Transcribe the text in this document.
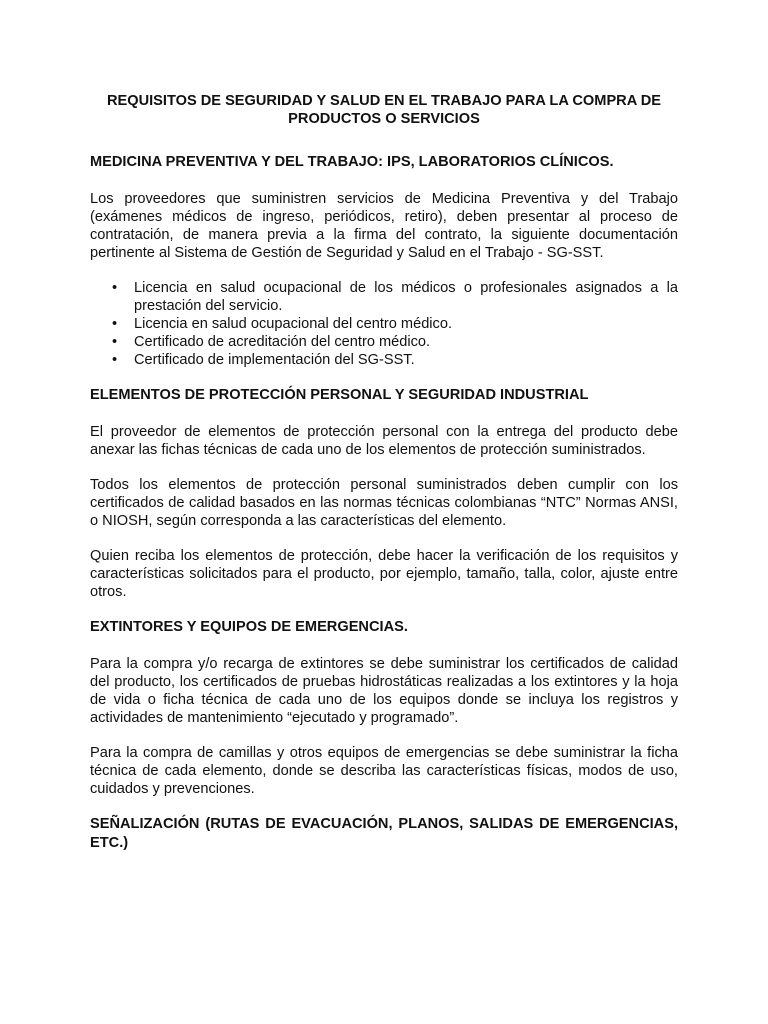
REQUISITOS DE SEGURIDAD Y SALUD EN EL TRABAJO PARA LA COMPRA DE PRODUCTOS O SERVICIOS
MEDICINA PREVENTIVA Y DEL TRABAJO: IPS, LABORATORIOS CLÍNICOS.

Los proveedores que suministren servicios de Medicina Preventiva y del Trabajo (exámenes médicos de ingreso, periódicos, retiro), deben presentar al proceso de contratación, de manera previa a la firma del contrato, la siguiente documentación pertinente al Sistema de Gestión de Seguridad y Salud en el Trabajo - SG-SST.

• Licencia en salud ocupacional de los médicos o profesionales asignados a la prestación del servicio.
• Licencia en salud ocupacional del centro médico.
• Certificado de acreditación del centro médico.
• Certificado de implementación del SG-SST.
ELEMENTOS DE PROTECCIÓN PERSONAL Y SEGURIDAD INDUSTRIAL

El proveedor de elementos de protección personal con la entrega del producto debe anexar las fichas técnicas de cada uno de los elementos de protección suministrados.

Todos los elementos de protección personal suministrados deben cumplir con los certificados de calidad basados en las normas técnicas colombianas “NTC” Normas ANSI, o NIOSH, según corresponda a las características del elemento.

Quien reciba los elementos de protección, debe hacer la verificación de los requisitos y características solicitados para el producto, por ejemplo, tamaño, talla, color, ajuste entre otros.

EXTINTORES Y EQUIPOS DE EMERGENCIAS.

Para la compra y/o recarga de extintores se debe suministrar los certificados de calidad del producto, los certificados de pruebas hidrostáticas realizadas a los extintores y la hoja de vida o ficha técnica de cada uno de los equipos donde se incluya los registros y actividades de mantenimiento “ejecutado y programado”.

Para la compra de camillas y otros equipos de emergencias se debe suministrar la ficha técnica de cada elemento, donde se describa las características físicas, modos de uso, cuidados y prevenciones.

SEÑALIZACIÓN (RUTAS DE EVACUACIÓN, PLANOS, SALIDAS DE EMERGENCIAS, ETC.)
